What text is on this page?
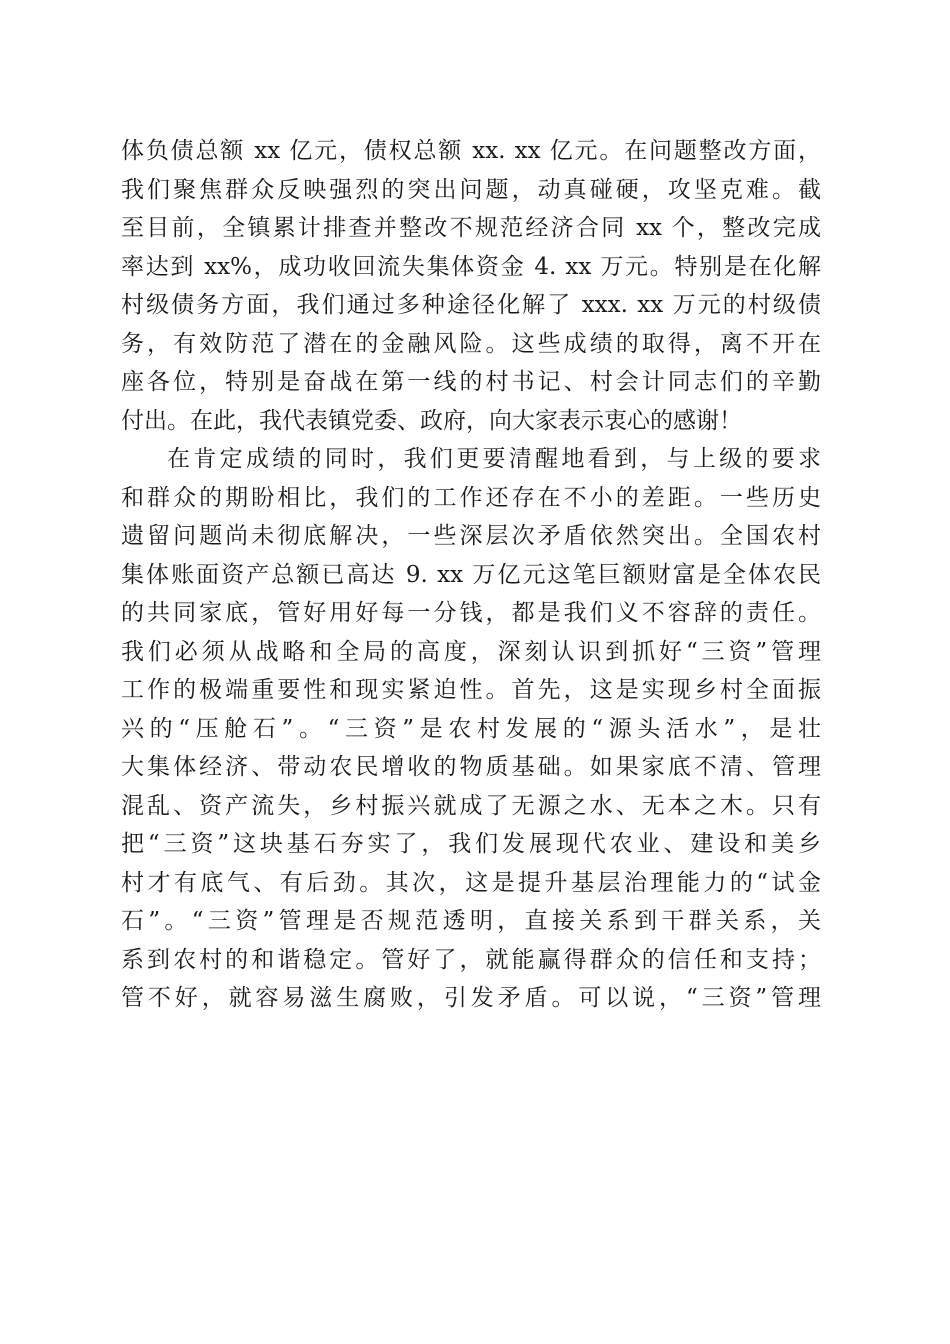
体负债总额 xx 亿元，债权总额 xx. xx 亿元。在问题整改方面，
我们聚焦群众反映强烈的突出问题，动真碰硬，攻坚克难。截
至目前，全镇累计排查并整改不规范经济合同 xx 个，整改完成
率达到 xx%，成功收回流失集体资金 4. xx 万元。特别是在化解
村级债务方面，我们通过多种途径化解了 xxx. xx 万元的村级债
务，有效防范了潜在的金融风险。这些成绩的取得，离不开在
座各位，特别是奋战在第一线的村书记、村会计同志们的辛勤
付出。在此，我代表镇党委、政府，向大家表示衷心的感谢！
在肯定成绩的同时，我们更要清醒地看到，与上级的要求
和群众的期盼相比，我们的工作还存在不小的差距。一些历史
遗留问题尚未彻底解决，一些深层次矛盾依然突出。全国农村
集体账面资产总额已高达 9. xx 万亿元这笔巨额财富是全体农民
的共同家底，管好用好每一分钱，都是我们义不容辞的责任。
我们必须从战略和全局的高度，深刻认识到抓好“三资”管理
工作的极端重要性和现实紧迫性。首先，这是实现乡村全面振
兴的“压舱石”。“三资”是农村发展的“源头活水”，是壮
大集体经济、带动农民增收的物质基础。如果家底不清、管理
混乱、资产流失，乡村振兴就成了无源之水、无本之木。只有
把“三资”这块基石夯实了，我们发展现代农业、建设和美乡
村才有底气、有后劲。其次，这是提升基层治理能力的“试金
石”。“三资”管理是否规范透明，直接关系到干群关系，关
系到农村的和谐稳定。管好了，就能赢得群众的信任和支持；
管不好，就容易滋生腐败，引发矛盾。可以说，“三资”管理
